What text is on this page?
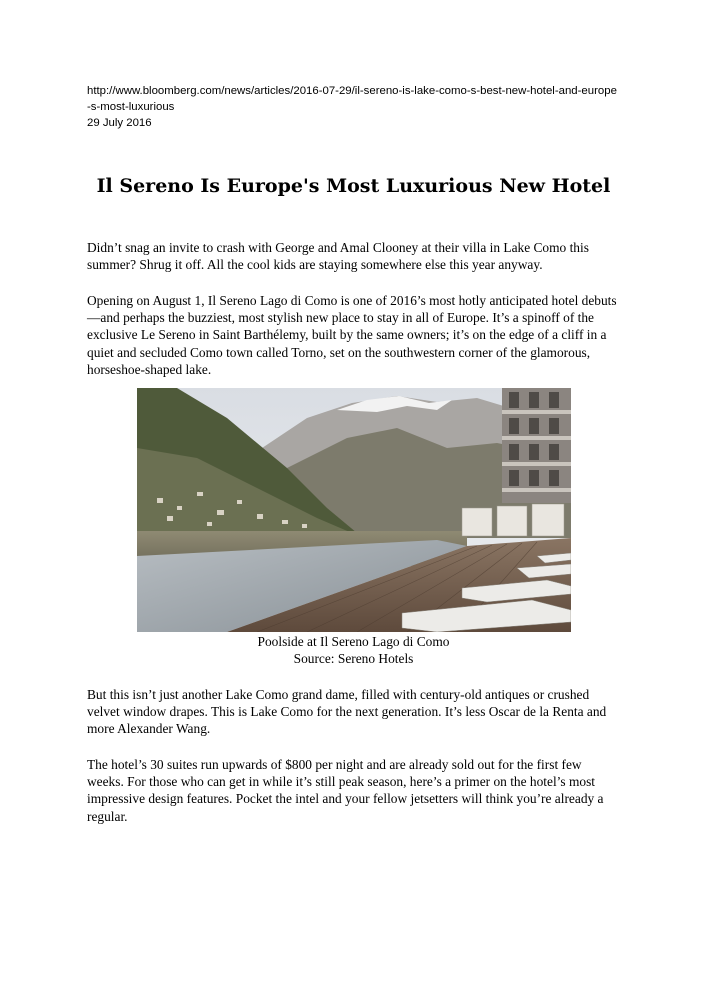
http://www.bloomberg.com/news/articles/2016-07-29/il-sereno-is-lake-como-s-best-new-hotel-and-europe-s-most-luxurious

29 July 2016

Il Sereno Is Europe's Most Luxurious New Hotel

Didn’t snag an invite to crash with George and Amal Clooney at their villa in Lake Como this summer? Shrug it off. All the cool kids are staying somewhere else this year anyway.

Opening on August 1, Il Sereno Lago di Como is one of 2016’s most hotly anticipated hotel debuts—and perhaps the buzziest, most stylish new place to stay in all of Europe. It’s a spinoff of the exclusive Le Sereno in Saint Barthélemy, built by the same owners; it’s on the edge of a cliff in a quiet and secluded Como town called Torno, set on the southwestern corner of the glamorous, horseshoe-shaped lake.

Poolside at Il Sereno Lago di Como

Source: Sereno Hotels

But this isn’t just another Lake Como grand dame, filled with century-old antiques or crushed velvet window drapes. This is Lake Como for the next generation. It’s less Oscar de la Renta and more Alexander Wang.

The hotel’s 30 suites run upwards of $800 per night and are already sold out for the first few weeks. For those who can get in while it’s still peak season, here’s a primer on the hotel’s most impressive design features. Pocket the intel and your fellow jetsetters will think you’re already a regular.
